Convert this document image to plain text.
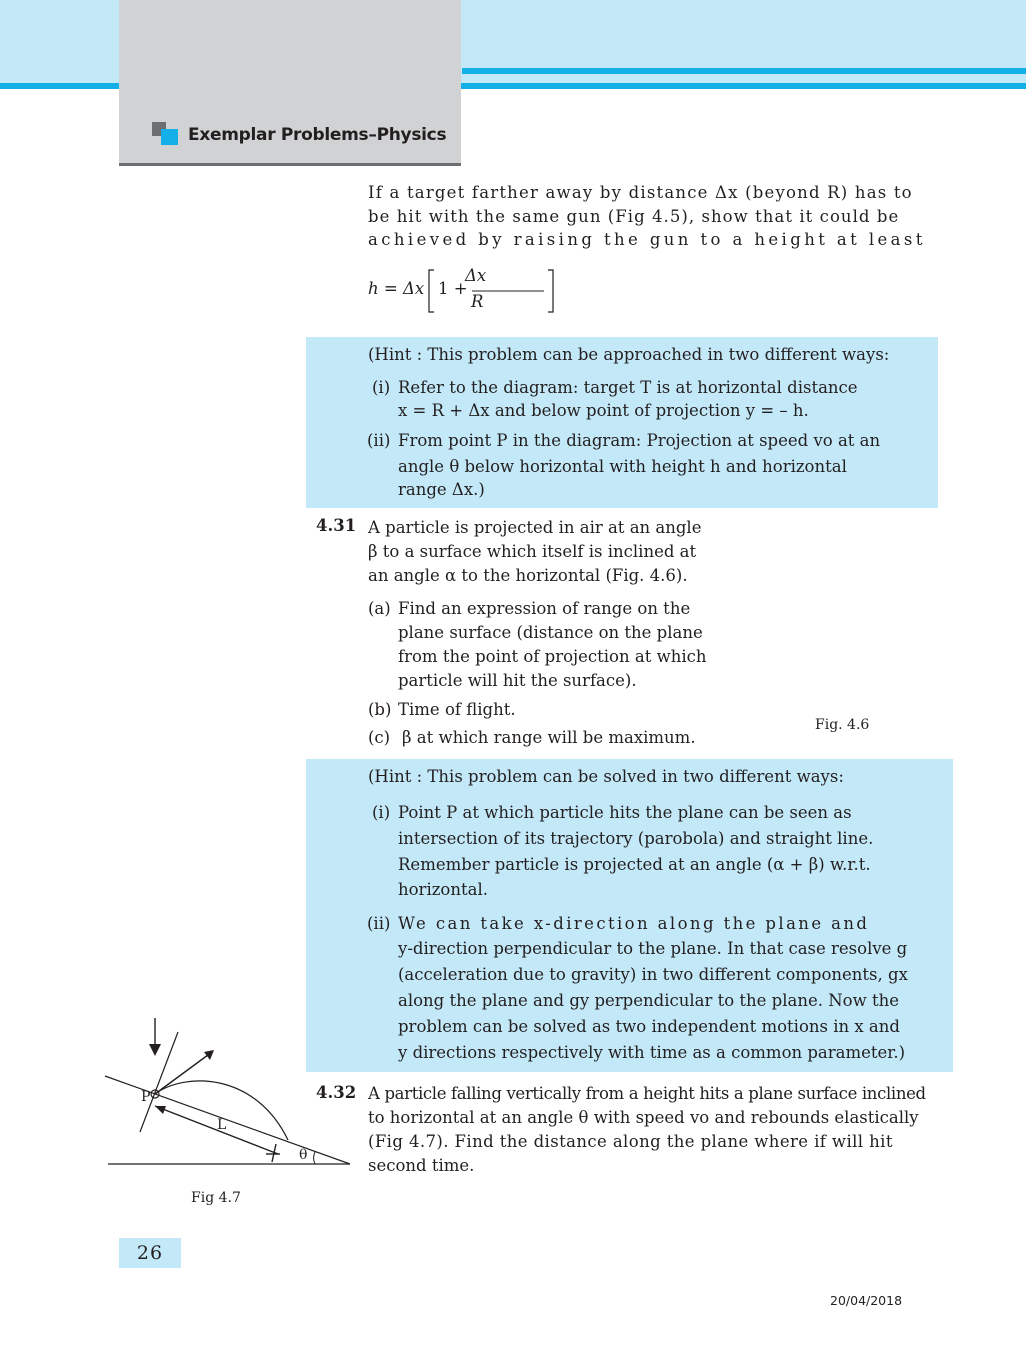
Exemplar Problems–Physics
If a target farther away by distance Δx (beyond R) has to
be hit with the same gun (Fig 4.5), show that it could be
achieved by raising the gun to a height at least
h = Δx 1 +
Δx
R
(Hint : This problem can be approached in two different ways:
(i) Refer to the diagram: target T is at horizontal distance
x = R + Δx and below point of projection y = – h.
(ii) From point P in the diagram: Projection at speed vo at an
angle θ below horizontal with height h and horizontal
range Δx.)
4.31 A particle is projected in air at an angle
β to a surface which itself is inclined at
an angle α to the horizontal (Fig. 4.6).
(a) Find an expression of range on the
plane surface (distance on the plane
from the point of projection at which
particle will hit the surface).
(b) Time of flight.
(c) β at which range will be maximum.
Fig. 4.6
(Hint : This problem can be solved in two different ways:
(i) Point P at which particle hits the plane can be seen as
intersection of its trajectory (parobola) and straight line.
Remember particle is projected at an angle (α + β) w.r.t.
horizontal.
(ii) We can take x-direction along the plane and
y-direction perpendicular to the plane. In that case resolve g
(acceleration due to gravity) in two different components, gx
along the plane and gy perpendicular to the plane. Now the
problem can be solved as two independent motions in x and
y directions respectively with time as a common parameter.)
4.32 A particle falling vertically from a height hits a plane surface inclined
to horizontal at an angle θ with speed vo and rebounds elastically
(Fig 4.7). Find the distance along the plane where if will hit
second time.
P
L
θ
Fig 4.7
26
20/04/2018
